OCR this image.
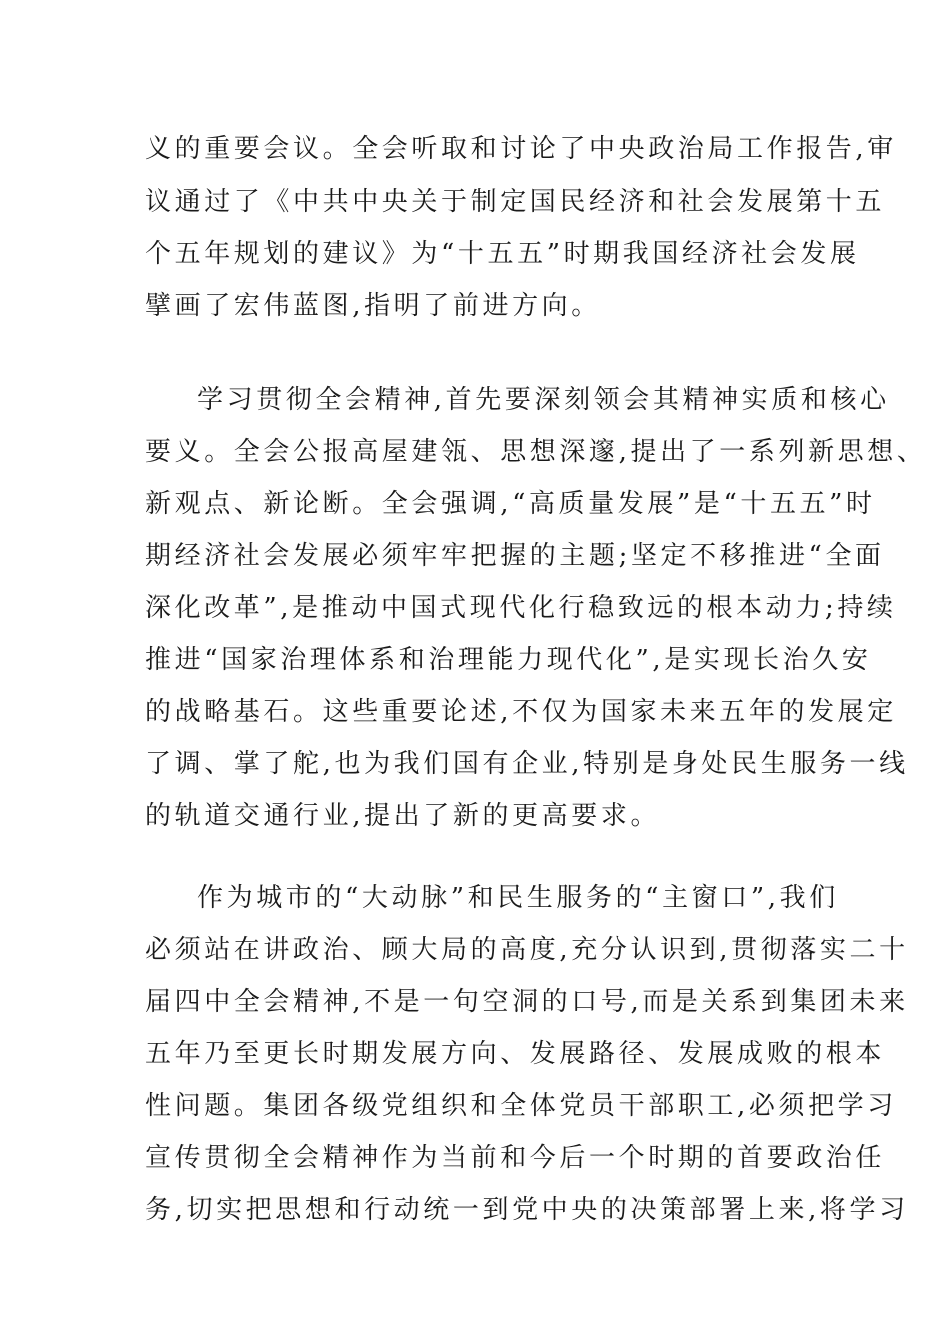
义的重要会议。全会听取和讨论了中央政治局工作报告,审
议通过了《中共中央关于制定国民经济和社会发展第十五
个五年规划的建议》为“十五五”时期我国经济社会发展
擘画了宏伟蓝图,指明了前进方向。
学习贯彻全会精神,首先要深刻领会其精神实质和核心
要义。全会公报高屋建瓴、思想深邃,提出了一系列新思想、
新观点、新论断。全会强调,“高质量发展”是“十五五”时
期经济社会发展必须牢牢把握的主题;坚定不移推进“全面
深化改革”,是推动中国式现代化行稳致远的根本动力;持续
推进“国家治理体系和治理能力现代化”,是实现长治久安
的战略基石。这些重要论述,不仅为国家未来五年的发展定
了调、掌了舵,也为我们国有企业,特别是身处民生服务一线
的轨道交通行业,提出了新的更高要求。
作为城市的“大动脉”和民生服务的“主窗口”,我们
必须站在讲政治、顾大局的高度,充分认识到,贯彻落实二十
届四中全会精神,不是一句空洞的口号,而是关系到集团未来
五年乃至更长时期发展方向、发展路径、发展成败的根本
性问题。集团各级党组织和全体党员干部职工,必须把学习
宣传贯彻全会精神作为当前和今后一个时期的首要政治任
务,切实把思想和行动统一到党中央的决策部署上来,将学习
